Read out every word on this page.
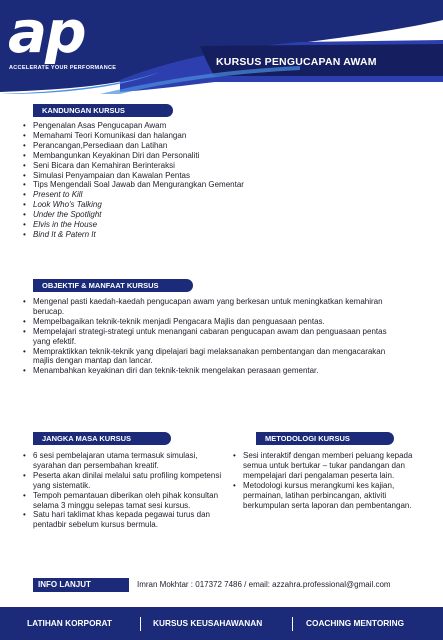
ap
ACCELERATE YOUR PERFORMANCE	KURSUS PENGUCAPAN AWAM
KANDUNGAN KURSUS
• Pengenalan Asas Pengucapan Awam
• Memahami Teori Komunikasi dan halangan
• Perancangan,Persediaan dan Latihan
• Membangunkan Keyakinan Diri dan Personaliti
• Seni Bicara dan Kemahiran Berinteraksi
• Simulasi Penyampaian dan Kawalan Pentas
• Tips Mengendali Soal Jawab dan Mengurangkan Gementar
• Present to Kill
• Look Who's Talking
• Under the Spotlight
• Elvis in the House
• Bind It & Patern It
OBJEKTIF & MANFAAT KURSUS
• Mengenal pasti kaedah-kaedah pengucapan awam yang berkesan untuk meningkatkan kemahiran berucap.
• Mempelbagaikan teknik-teknik menjadi Pengacara Majlis dan penguasaan pentas.
• Mempelajari strategi-strategi untuk menangani cabaran pengucapan awam dan penguasaan pentas yang efektif.
• Mempraktikkan teknik-teknik yang dipelajari bagi melaksanakan pembentangan dan mengacarakan majlis dengan mantap dan lancar.
• Menambahkan keyakinan diri dan teknik-teknik mengelakan perasaan gementar.
JANGKA MASA KURSUS
• 6 sesi pembelajaran utama termasuk simulasi, syarahan dan persembahan kreatif.
• Peserta akan dinilai melalui satu profiling kompetensi yang sistematik.
• Tempoh pemantauan diberikan oleh pihak konsultan selama 3 minggu selepas tamat sesi kursus.
• Satu hari taklimat khas kepada pegawai turus dan pentadbir sebelum kursus bermula.
METODOLOGI KURSUS
• Sesi interaktif dengan memberi peluang kepada semua untuk bertukar – tukar pandangan dan mempelajari dari pengalaman peserta lain.
• Metodologi kursus merangkumi kes kajian, permainan, latihan perbincangan, aktiviti berkumpulan serta laporan dan pembentangan.
INFO LANJUT	Imran Mokhtar : 017372 7486 / email: azzahra.professional@gmail.com
LATIHAN KORPORAT	KURSUS KEUSAHAWANAN	COACHING MENTORING
